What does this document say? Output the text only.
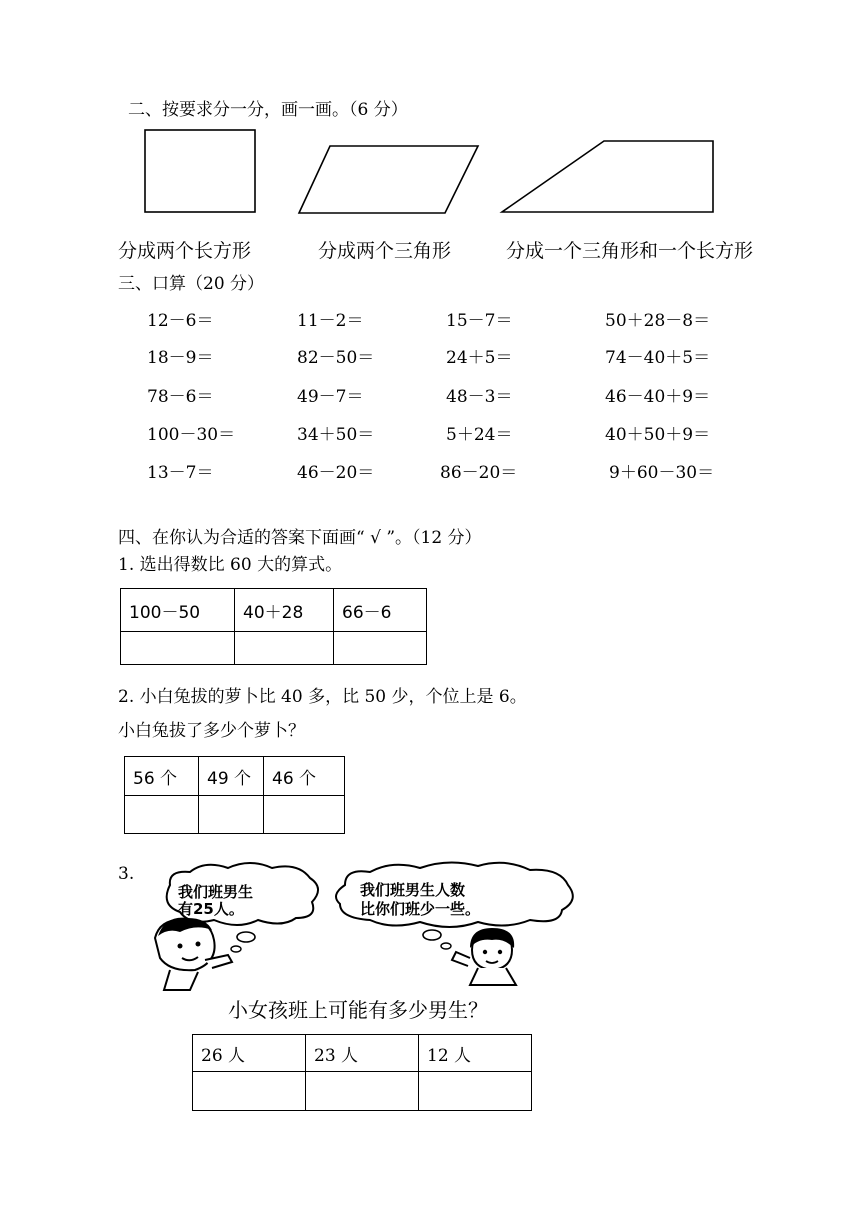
二、按要求分一分，画一画。（6 分）
分成两个长方形	分成两个三角形	分成一个三角形和一个长方形
三、口算（20 分）
12－6＝	11－2＝	15－7＝	50＋28－8＝
18－9＝	82－50＝	24＋5＝	74－40＋5＝
78－6＝	49－7＝	48－3＝	46－40＋9＝
100－30＝	34＋50＝	5＋24＝	40＋50＋9＝
13－7＝	46－20＝	86－20＝	9＋60－30＝
四、在你认为合适的答案下面画“ √ ”。（12 分）
1. 选出得数比 60 大的算式。
100－50	40＋28	66－6

2. 小白兔拔的萝卜比 40 多，比 50 少，个位上是 6。
小白兔拔了多少个萝卜？
56 个	49 个	46 个

3.
我们班男生
有25人。
我们班男生人数
比你们班少一些。
小女孩班上可能有多少男生？
26 人	23 人	12 人
